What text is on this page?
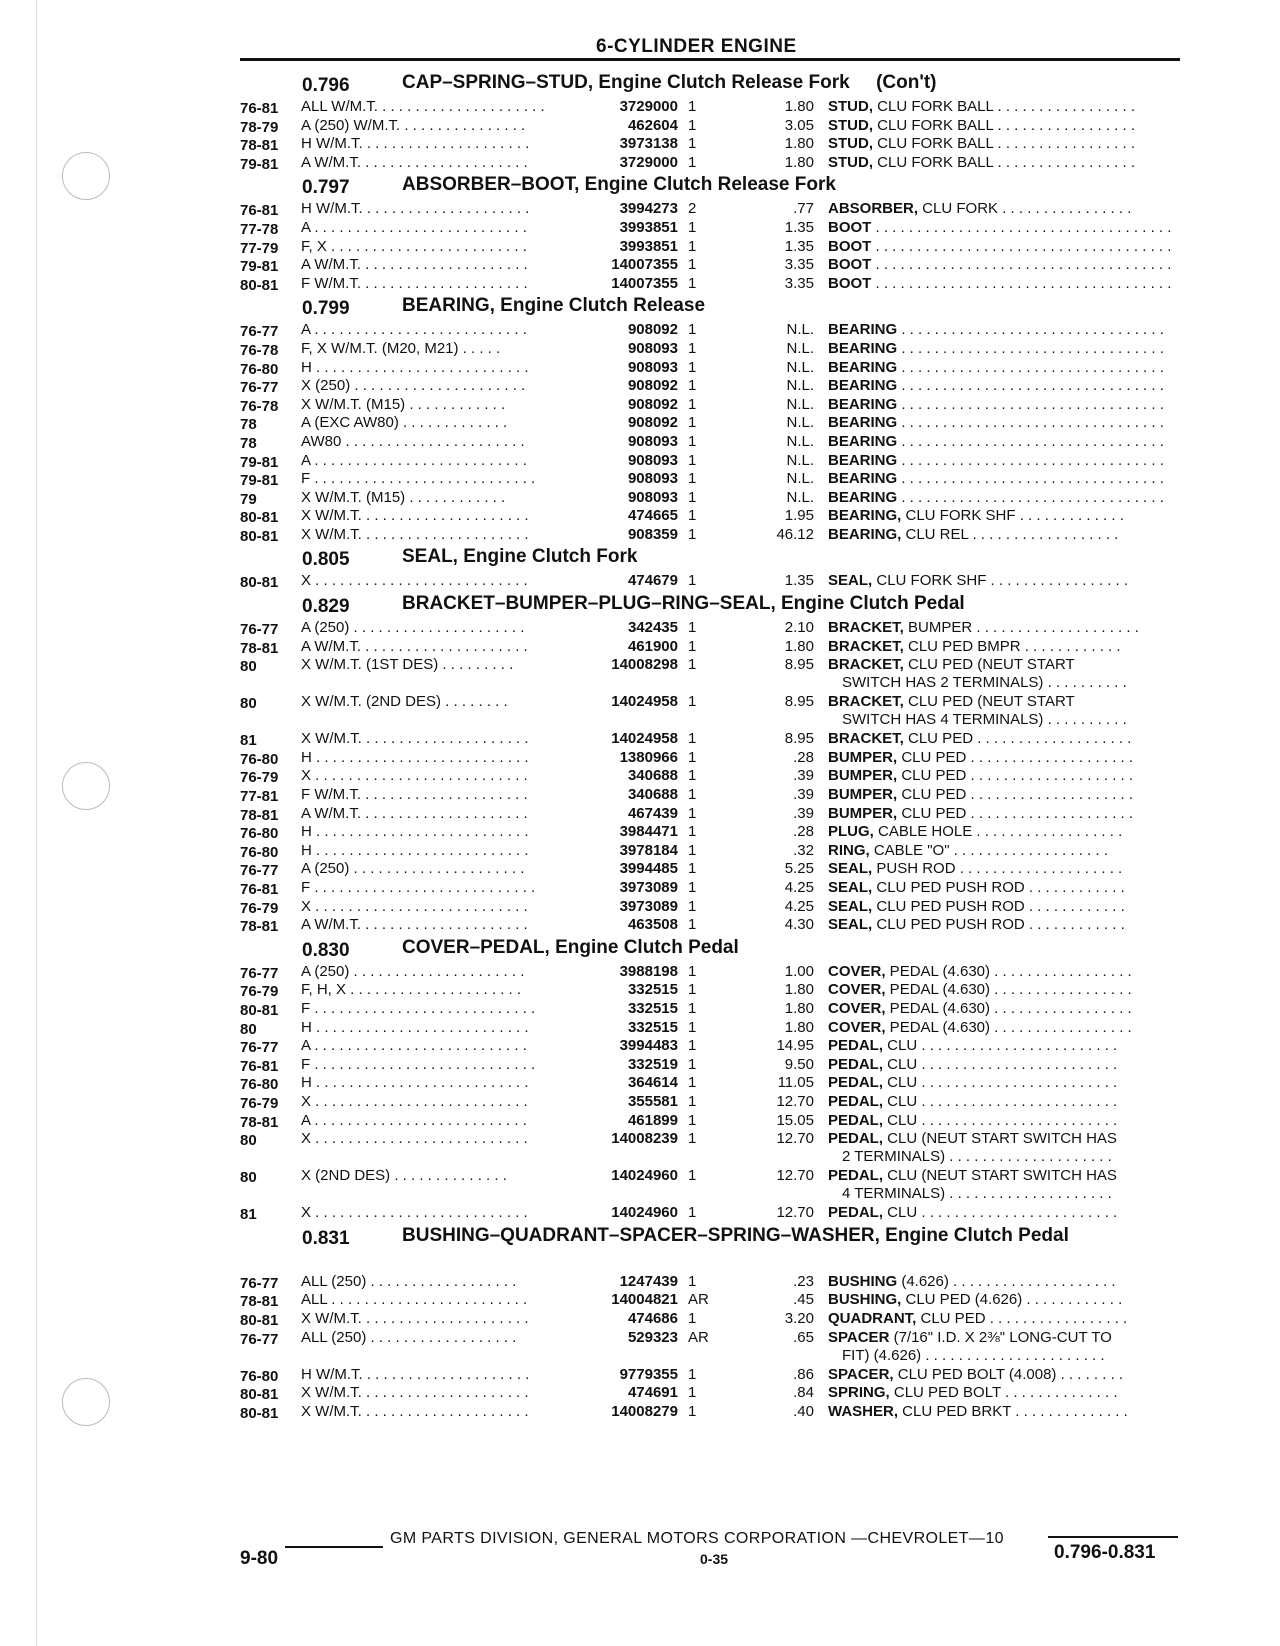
6-CYLINDER ENGINE
0.796	CAP–SPRING–STUD, Engine Clutch Release Fork     (Con't)
76-81	ALL W/M.T. . . . . . . . . . . . . . . . . . . . .	3729000 1	1.80 STUD, CLU FORK BALL . . . . . . . . . . . . . . . . .
78-79	A (250) W/M.T. . . . . . . . . . . . . . . .	462604 1	3.05 STUD, CLU FORK BALL . . . . . . . . . . . . . . . . .
78-81	H W/M.T. . . . . . . . . . . . . . . . . . . . .	3973138 1	1.80 STUD, CLU FORK BALL . . . . . . . . . . . . . . . . .
79-81	A W/M.T. . . . . . . . . . . . . . . . . . . . .	3729000 1	1.80 STUD, CLU FORK BALL . . . . . . . . . . . . . . . . .
0.797	ABSORBER–BOOT, Engine Clutch Release Fork
76-81	H W/M.T. . . . . . . . . . . . . . . . . . . . .	3994273 2	.77 ABSORBER, CLU FORK . . . . . . . . . . . . . . . .
77-78	A . . . . . . . . . . . . . . . . . . . . . . . . . .	3993851 1	1.35 BOOT . . . . . . . . . . . . . . . . . . . . . . . . . . . . . . . . . . . .
77-79	F, X . . . . . . . . . . . . . . . . . . . . . . . .	3993851 1	1.35 BOOT . . . . . . . . . . . . . . . . . . . . . . . . . . . . . . . . . . . .
79-81	A W/M.T. . . . . . . . . . . . . . . . . . . . .	14007355 1	3.35 BOOT . . . . . . . . . . . . . . . . . . . . . . . . . . . . . . . . . . . .
80-81	F W/M.T. . . . . . . . . . . . . . . . . . . . .	14007355 1	3.35 BOOT . . . . . . . . . . . . . . . . . . . . . . . . . . . . . . . . . . . .
0.799	BEARING, Engine Clutch Release
76-77	A . . . . . . . . . . . . . . . . . . . . . . . . . .	908092 1	N.L. BEARING . . . . . . . . . . . . . . . . . . . . . . . . . . . . . . . .
76-78	F, X W/M.T. (M20, M21) . . . . .	908093 1	N.L. BEARING . . . . . . . . . . . . . . . . . . . . . . . . . . . . . . . .
76-80	H . . . . . . . . . . . . . . . . . . . . . . . . . .	908093 1	N.L. BEARING . . . . . . . . . . . . . . . . . . . . . . . . . . . . . . . .
76-77	X (250) . . . . . . . . . . . . . . . . . . . . .	908092 1	N.L. BEARING . . . . . . . . . . . . . . . . . . . . . . . . . . . . . . . .
76-78	X W/M.T. (M15) . . . . . . . . . . . .	908092 1	N.L. BEARING . . . . . . . . . . . . . . . . . . . . . . . . . . . . . . . .
78	A (EXC AW80) . . . . . . . . . . . . .	908092 1	N.L. BEARING . . . . . . . . . . . . . . . . . . . . . . . . . . . . . . . .
78	AW80 . . . . . . . . . . . . . . . . . . . . . .	908093 1	N.L. BEARING . . . . . . . . . . . . . . . . . . . . . . . . . . . . . . . .
79-81	A . . . . . . . . . . . . . . . . . . . . . . . . . .	908093 1	N.L. BEARING . . . . . . . . . . . . . . . . . . . . . . . . . . . . . . . .
79-81	F . . . . . . . . . . . . . . . . . . . . . . . . . . .	908093 1	N.L. BEARING . . . . . . . . . . . . . . . . . . . . . . . . . . . . . . . .
79	X W/M.T. (M15) . . . . . . . . . . . .	908093 1	N.L. BEARING . . . . . . . . . . . . . . . . . . . . . . . . . . . . . . . .
80-81	X W/M.T. . . . . . . . . . . . . . . . . . . . .	474665 1	1.95 BEARING, CLU FORK SHF . . . . . . . . . . . . .
80-81	X W/M.T. . . . . . . . . . . . . . . . . . . . .	908359 1	46.12 BEARING, CLU REL . . . . . . . . . . . . . . . . . .
0.805	SEAL, Engine Clutch Fork
80-81	X . . . . . . . . . . . . . . . . . . . . . . . . . .	474679 1	1.35 SEAL, CLU FORK SHF . . . . . . . . . . . . . . . . .
0.829	BRACKET–BUMPER–PLUG–RING–SEAL, Engine Clutch Pedal
76-77	A (250) . . . . . . . . . . . . . . . . . . . . .	342435 1	2.10 BRACKET, BUMPER . . . . . . . . . . . . . . . . . . . .
78-81	A W/M.T. . . . . . . . . . . . . . . . . . . . .	461900 1	1.80 BRACKET, CLU PED BMPR . . . . . . . . . . . .
80	X W/M.T. (1ST DES) . . . . . . . . .	14008298 1	8.95 BRACKET, CLU PED (NEUT START
SWITCH HAS 2 TERMINALS) . . . . . . . . . .
80	X W/M.T. (2ND DES) . . . . . . . .	14024958 1	8.95 BRACKET, CLU PED (NEUT START
SWITCH HAS 4 TERMINALS) . . . . . . . . . .
81	X W/M.T. . . . . . . . . . . . . . . . . . . . .	14024958 1	8.95 BRACKET, CLU PED . . . . . . . . . . . . . . . . . . .
76-80	H . . . . . . . . . . . . . . . . . . . . . . . . . .	1380966 1	.28 BUMPER, CLU PED . . . . . . . . . . . . . . . . . . . .
76-79	X . . . . . . . . . . . . . . . . . . . . . . . . . .	340688 1	.39 BUMPER, CLU PED . . . . . . . . . . . . . . . . . . . .
77-81	F W/M.T. . . . . . . . . . . . . . . . . . . . .	340688 1	.39 BUMPER, CLU PED . . . . . . . . . . . . . . . . . . . .
78-81	A W/M.T. . . . . . . . . . . . . . . . . . . . .	467439 1	.39 BUMPER, CLU PED . . . . . . . . . . . . . . . . . . . .
76-80	H . . . . . . . . . . . . . . . . . . . . . . . . . .	3984471 1	.28 PLUG, CABLE HOLE . . . . . . . . . . . . . . . . . .
76-80	H . . . . . . . . . . . . . . . . . . . . . . . . . .	3978184 1	.32 RING, CABLE "O" . . . . . . . . . . . . . . . . . . .
76-77	A (250) . . . . . . . . . . . . . . . . . . . . .	3994485 1	5.25 SEAL, PUSH ROD . . . . . . . . . . . . . . . . . . . .
76-81	F . . . . . . . . . . . . . . . . . . . . . . . . . . .	3973089 1	4.25 SEAL, CLU PED PUSH ROD . . . . . . . . . . . .
76-79	X . . . . . . . . . . . . . . . . . . . . . . . . . .	3973089 1	4.25 SEAL, CLU PED PUSH ROD . . . . . . . . . . . .
78-81	A W/M.T. . . . . . . . . . . . . . . . . . . . .	463508 1	4.30 SEAL, CLU PED PUSH ROD . . . . . . . . . . . .
0.830	COVER–PEDAL, Engine Clutch Pedal
76-77	A (250) . . . . . . . . . . . . . . . . . . . . .	3988198 1	1.00 COVER, PEDAL (4.630) . . . . . . . . . . . . . . . . .
76-79	F, H, X . . . . . . . . . . . . . . . . . . . . .	332515 1	1.80 COVER, PEDAL (4.630) . . . . . . . . . . . . . . . . .
80-81	F . . . . . . . . . . . . . . . . . . . . . . . . . . .	332515 1	1.80 COVER, PEDAL (4.630) . . . . . . . . . . . . . . . . .
80	H . . . . . . . . . . . . . . . . . . . . . . . . . .	332515 1	1.80 COVER, PEDAL (4.630) . . . . . . . . . . . . . . . . .
76-77	A . . . . . . . . . . . . . . . . . . . . . . . . . .	3994483 1	14.95 PEDAL, CLU . . . . . . . . . . . . . . . . . . . . . . . .
76-81	F . . . . . . . . . . . . . . . . . . . . . . . . . . .	332519 1	9.50 PEDAL, CLU . . . . . . . . . . . . . . . . . . . . . . . .
76-80	H . . . . . . . . . . . . . . . . . . . . . . . . . .	364614 1	11.05 PEDAL, CLU . . . . . . . . . . . . . . . . . . . . . . . .
76-79	X . . . . . . . . . . . . . . . . . . . . . . . . . .	355581 1	12.70 PEDAL, CLU . . . . . . . . . . . . . . . . . . . . . . . .
78-81	A . . . . . . . . . . . . . . . . . . . . . . . . . .	461899 1	15.05 PEDAL, CLU . . . . . . . . . . . . . . . . . . . . . . . .
80	X . . . . . . . . . . . . . . . . . . . . . . . . . .	14008239 1	12.70 PEDAL, CLU (NEUT START SWITCH HAS
2 TERMINALS) . . . . . . . . . . . . . . . . . . . .
80	X (2ND DES) . . . . . . . . . . . . . .	14024960 1	12.70 PEDAL, CLU (NEUT START SWITCH HAS
4 TERMINALS) . . . . . . . . . . . . . . . . . . . .
81	X . . . . . . . . . . . . . . . . . . . . . . . . . .	14024960 1	12.70 PEDAL, CLU . . . . . . . . . . . . . . . . . . . . . . . .
0.831	BUSHING–QUADRANT–SPACER–SPRING–WASHER, Engine Clutch Pedal
76-77	ALL (250) . . . . . . . . . . . . . . . . . .	1247439 1	.23 BUSHING (4.626) . . . . . . . . . . . . . . . . . . . .
78-81	ALL . . . . . . . . . . . . . . . . . . . . . . . .	14004821 AR	.45 BUSHING, CLU PED (4.626) . . . . . . . . . . . .
80-81	X W/M.T. . . . . . . . . . . . . . . . . . . . .	474686 1	3.20 QUADRANT, CLU PED . . . . . . . . . . . . . . . . .
76-77	ALL (250) . . . . . . . . . . . . . . . . . .	529323 AR	.65 SPACER (7/16" I.D. X 2⅜" LONG-CUT TO
FIT) (4.626) . . . . . . . . . . . . . . . . . . . . . .
76-80	H W/M.T. . . . . . . . . . . . . . . . . . . . .	9779355 1	.86 SPACER, CLU PED BOLT (4.008) . . . . . . . .
80-81	X W/M.T. . . . . . . . . . . . . . . . . . . . .	474691 1	.84 SPRING, CLU PED BOLT . . . . . . . . . . . . . .
80-81	X W/M.T. . . . . . . . . . . . . . . . . . . . .	14008279 1	.40 WASHER, CLU PED BRKT . . . . . . . . . . . . . .
9-80
GM PARTS DIVISION, GENERAL MOTORS CORPORATION —CHEVROLET—10
0-35	0.796-0.831
